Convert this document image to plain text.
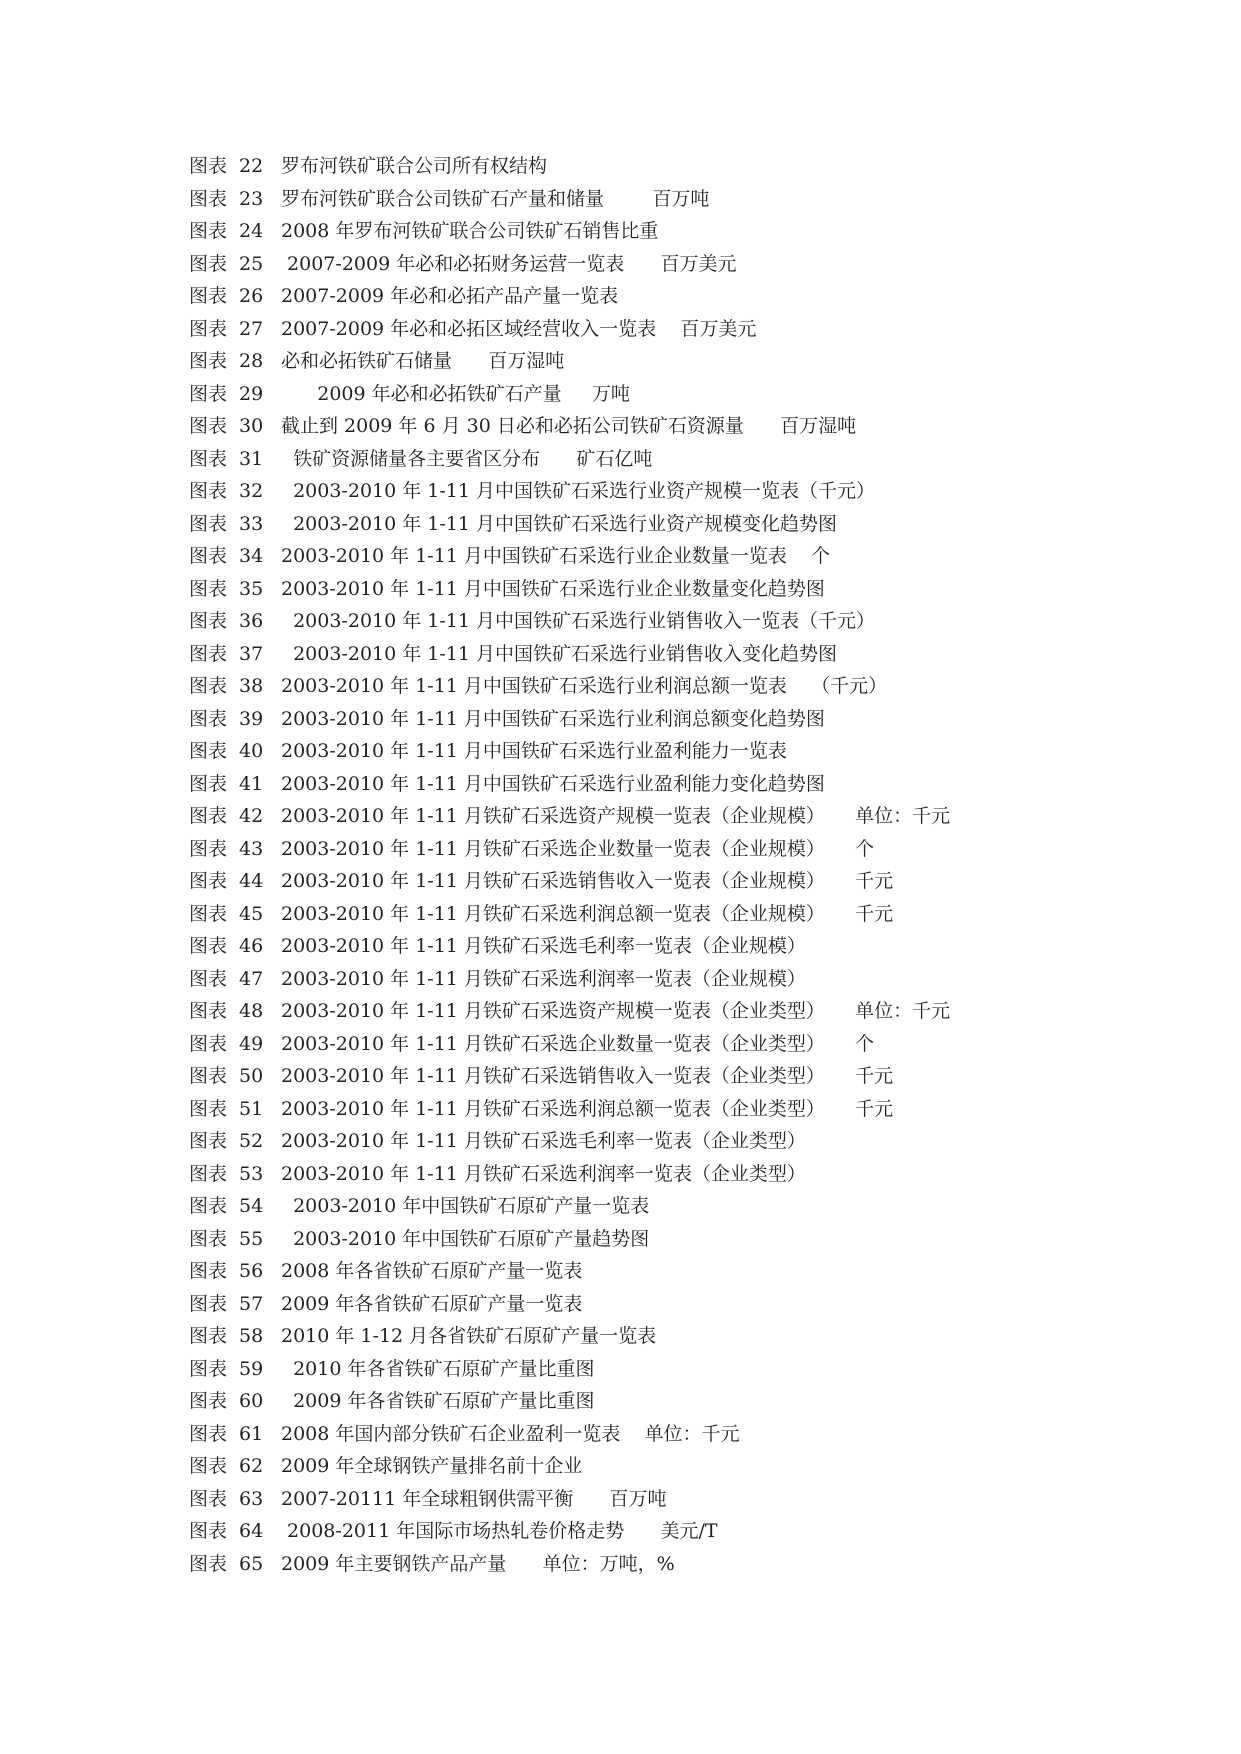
图表 22 罗布河铁矿联合公司所有权结构
图表 23 罗布河铁矿联合公司铁矿石产量和储量        百万吨
图表 24 2008 年罗布河铁矿联合公司铁矿石销售比重
图表 25 2007-2009 年必和必拓财务运营一览表      百万美元
图表 26 2007-2009 年必和必拓产品产量一览表
图表 27 2007-2009 年必和必拓区域经营收入一览表    百万美元
图表 28 必和必拓铁矿石储量      百万湿吨
图表 29 2009 年必和必拓铁矿石产量     万吨
图表 30 截止到 2009 年 6 月 30 日必和必拓公司铁矿石资源量      百万湿吨
图表 31 铁矿资源储量各主要省区分布      矿石亿吨
图表 32 2003-2010 年 1-11 月中国铁矿石采选行业资产规模一览表（千元）
图表 33 2003-2010 年 1-11 月中国铁矿石采选行业资产规模变化趋势图
图表 34 2003-2010 年 1-11 月中国铁矿石采选行业企业数量一览表    个
图表 35 2003-2010 年 1-11 月中国铁矿石采选行业企业数量变化趋势图
图表 36 2003-2010 年 1-11 月中国铁矿石采选行业销售收入一览表（千元）
图表 37 2003-2010 年 1-11 月中国铁矿石采选行业销售收入变化趋势图
图表 38 2003-2010 年 1-11 月中国铁矿石采选行业利润总额一览表    （千元）
图表 39 2003-2010 年 1-11 月中国铁矿石采选行业利润总额变化趋势图
图表 40 2003-2010 年 1-11 月中国铁矿石采选行业盈利能力一览表
图表 41 2003-2010 年 1-11 月中国铁矿石采选行业盈利能力变化趋势图
图表 42 2003-2010 年 1-11 月铁矿石采选资产规模一览表（企业规模）     单位：千元
图表 43 2003-2010 年 1-11 月铁矿石采选企业数量一览表（企业规模）     个
图表 44 2003-2010 年 1-11 月铁矿石采选销售收入一览表（企业规模）     千元
图表 45 2003-2010 年 1-11 月铁矿石采选利润总额一览表（企业规模）     千元
图表 46 2003-2010 年 1-11 月铁矿石采选毛利率一览表（企业规模）
图表 47 2003-2010 年 1-11 月铁矿石采选利润率一览表（企业规模）
图表 48 2003-2010 年 1-11 月铁矿石采选资产规模一览表（企业类型）     单位：千元
图表 49 2003-2010 年 1-11 月铁矿石采选企业数量一览表（企业类型）     个
图表 50 2003-2010 年 1-11 月铁矿石采选销售收入一览表（企业类型）     千元
图表 51 2003-2010 年 1-11 月铁矿石采选利润总额一览表（企业类型）     千元
图表 52 2003-2010 年 1-11 月铁矿石采选毛利率一览表（企业类型）
图表 53 2003-2010 年 1-11 月铁矿石采选利润率一览表（企业类型）
图表 54 2003-2010 年中国铁矿石原矿产量一览表
图表 55 2003-2010 年中国铁矿石原矿产量趋势图
图表 56 2008 年各省铁矿石原矿产量一览表
图表 57 2009 年各省铁矿石原矿产量一览表
图表 58 2010 年 1-12 月各省铁矿石原矿产量一览表
图表 59 2010 年各省铁矿石原矿产量比重图
图表 60 2009 年各省铁矿石原矿产量比重图
图表 61 2008 年国内部分铁矿石企业盈利一览表    单位：千元
图表 62 2009 年全球钢铁产量排名前十企业
图表 63 2007-20111 年全球粗钢供需平衡      百万吨
图表 64 2008-2011 年国际市场热轧卷价格走势      美元/T
图表 65 2009 年主要钢铁产品产量      单位：万吨，%
